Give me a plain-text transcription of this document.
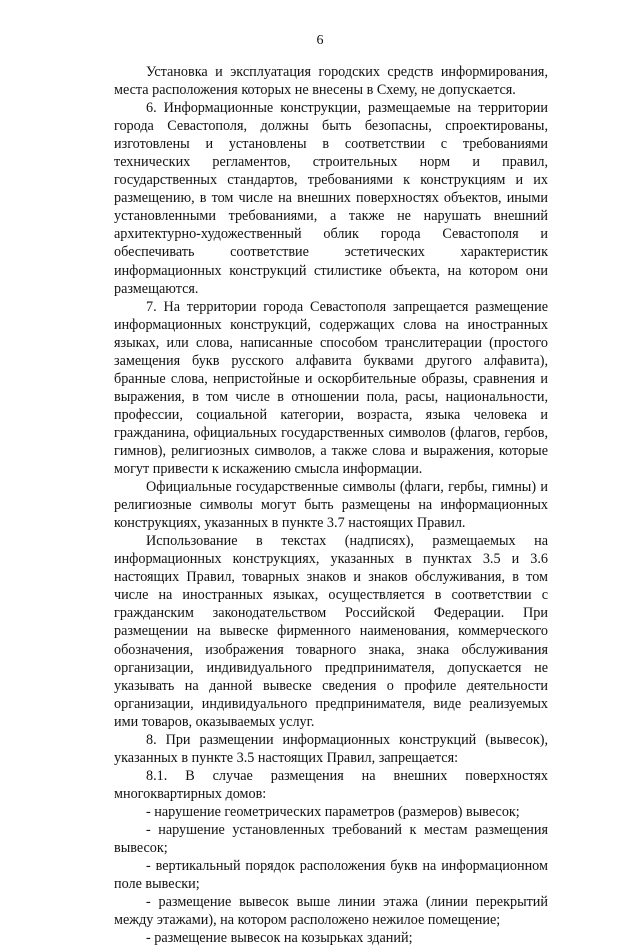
6

Установка и эксплуатация городских средств информирования, места расположения которых не внесены в Схему, не допускается.

6. Информационные конструкции, размещаемые на территории города Севастополя, должны быть безопасны, спроектированы, изготовлены и установлены в соответствии с требованиями технических регламентов, строительных норм и правил, государственных стандартов, требованиями к конструкциям и их размещению, в том числе на внешних поверхностях объектов, иными установленными требованиями, а также не нарушать внешний архитектурно-художественный облик города Севастополя и обеспечивать соответствие эстетических характеристик информационных конструкций стилистике объекта, на котором они размещаются.

7. На территории города Севастополя запрещается размещение информационных конструкций, содержащих слова на иностранных языках, или слова, написанные способом транслитерации (простого замещения букв русского алфавита буквами другого алфавита), бранные слова, непристойные и оскорбительные образы, сравнения и выражения, в том числе в отношении пола, расы, национальности, профессии, социальной категории, возраста, языка человека и гражданина, официальных государственных символов (флагов, гербов, гимнов), религиозных символов, а также слова и выражения, которые могут привести к искажению смысла информации.

Официальные государственные символы (флаги, гербы, гимны) и религиозные символы могут быть размещены на информационных конструкциях, указанных в пункте 3.7 настоящих Правил.

Использование в текстах (надписях), размещаемых на информационных конструкциях, указанных в пунктах 3.5 и 3.6 настоящих Правил, товарных знаков и знаков обслуживания, в том числе на иностранных языках, осуществляется в соответствии с гражданским законодательством Российской Федерации. При размещении на вывеске фирменного наименования, коммерческого обозначения, изображения товарного знака, знака обслуживания организации, индивидуального предпринимателя, допускается не указывать на данной вывеске сведения о профиле деятельности организации, индивидуального предпринимателя, виде реализуемых ими товаров, оказываемых услуг.

8. При размещении информационных конструкций (вывесок), указанных в пункте 3.5 настоящих Правил, запрещается:

8.1. В случае размещения на внешних поверхностях многоквартирных домов:

- нарушение геометрических параметров (размеров) вывесок;

- нарушение установленных требований к местам размещения вывесок;

- вертикальный порядок расположения букв на информационном поле вывески;

- размещение вывесок выше линии этажа (линии перекрытий между этажами), на котором расположено нежилое помещение;

- размещение вывесок на козырьках зданий;
